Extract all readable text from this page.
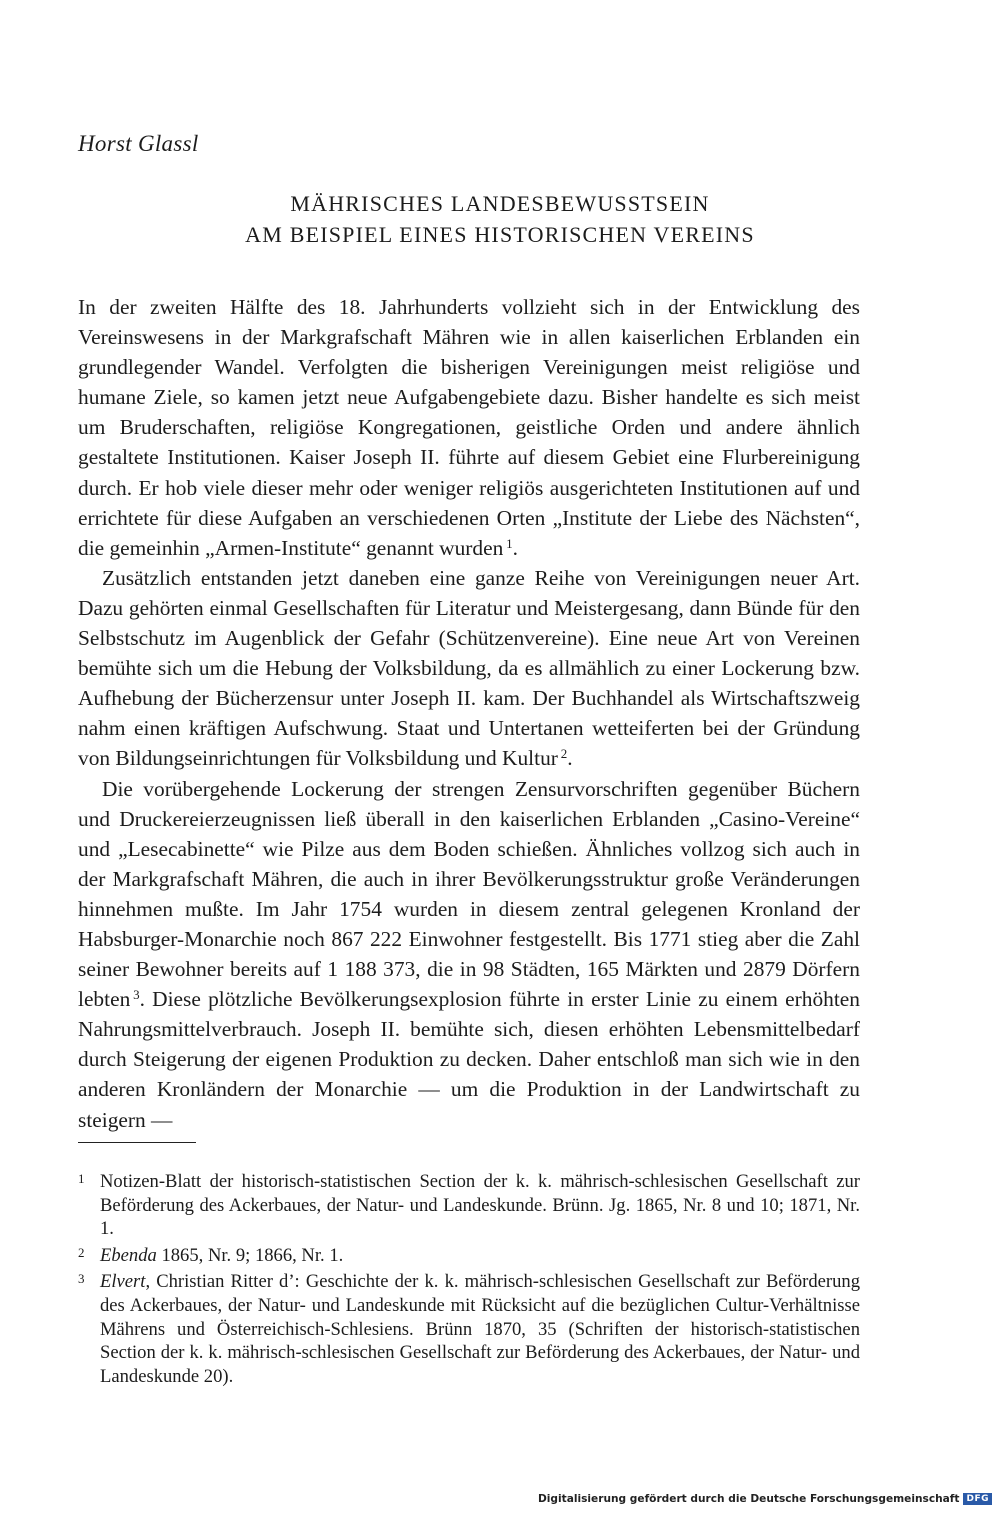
Horst Glassl
MÄHRISCHES LANDESBEWUSSTSEIN
AM BEISPIEL EINES HISTORISCHEN VEREINS

In der zweiten Hälfte des 18. Jahrhunderts vollzieht sich in der Entwicklung des Vereinswesens in der Markgrafschaft Mähren wie in allen kaiserlichen Erblanden ein grundlegender Wandel. Verfolgten die bisherigen Vereinigungen meist religiöse und humane Ziele, so kamen jetzt neue Aufgabengebiete dazu. Bisher handelte es sich meist um Bruderschaften, religiöse Kongregationen, geistliche Orden und andere ähnlich gestaltete Institutionen. Kaiser Joseph II. führte auf diesem Gebiet eine Flurbereinigung durch. Er hob viele dieser mehr oder weniger religiös ausgerichteten Institutionen auf und errichtete für diese Aufgaben an verschiedenen Orten „Institute der Liebe des Nächsten“, die gemeinhin „Armen-Institute“ genannt wurden  $^1$.

Zusätzlich entstanden jetzt daneben eine ganze Reihe von Vereinigungen neuer Art. Dazu gehörten einmal Gesellschaften für Literatur und Meistergesang, dann Bünde für den Selbstschutz im Augenblick der Gefahr (Schützenvereine). Eine neue Art von Vereinen bemühte sich um die Hebung der Volksbildung, da es allmählich zu einer Lockerung bzw. Aufhebung der Bücherzensur unter Joseph II. kam. Der Buchhandel als Wirtschaftszweig nahm einen kräftigen Aufschwung. Staat und Untertanen wetteiferten bei der Gründung von Bildungseinrichtungen für Volksbildung und Kultur  $^2$.

Die vorübergehende Lockerung der strengen Zensurvorschriften gegenüber Büchern und Druckereierzeugnissen ließ überall in den kaiserlichen Erblanden „Casino-Vereine“ und „Lesecabinette“ wie Pilze aus dem Boden schießen. Ähnliches vollzog sich auch in der Markgrafschaft Mähren, die auch in ihrer Bevölkerungsstruktur große Veränderungen hinnehmen mußte. Im Jahr 1754 wurden in diesem zentral gelegenen Kronland der Habsburger-Monarchie noch 867 222 Einwohner festgestellt. Bis 1771 stieg aber die Zahl seiner Bewohner bereits auf 1 188 373, die in 98 Städten, 165 Märkten und 2879 Dörfern lebten  $^3$. Diese plötzliche Bevölkerungsexplosion führte in erster Linie zu einem erhöhten Nahrungsmittelverbrauch. Joseph II. bemühte sich, diesen erhöhten Lebensmittelbedarf durch Steigerung der eigenen Produktion zu decken. Daher entschloß man sich wie in den anderen Kronländern der Monarchie — um die Produktion in der Landwirtschaft zu steigern —

1 Notizen-Blatt der historisch-statistischen Section der k. k. mährisch-schlesischen Gesellschaft zur Beförderung des Ackerbaues, der Natur- und Landeskunde. Brünn. Jg. 1865, Nr. 8 und 10; 1871, Nr. 1.
2 Ebenda 1865, Nr. 9; 1866, Nr. 1.
3 Elvert, Christian Ritter d’: Geschichte der k. k. mährisch-schlesischen Gesellschaft zur Beförderung des Ackerbaues, der Natur- und Landeskunde mit Rücksicht auf die bezüglichen Cultur-Verhältnisse Mährens und Österreichisch-Schlesiens. Brünn 1870, 35 (Schriften der historisch-statistischen Section der k. k. mährisch-schlesischen Gesellschaft zur Beförderung des Ackerbaues, der Natur- und Landeskunde 20).
Digitalisierung gefördert durch die Deutsche Forschungsgemeinschaft DFG
